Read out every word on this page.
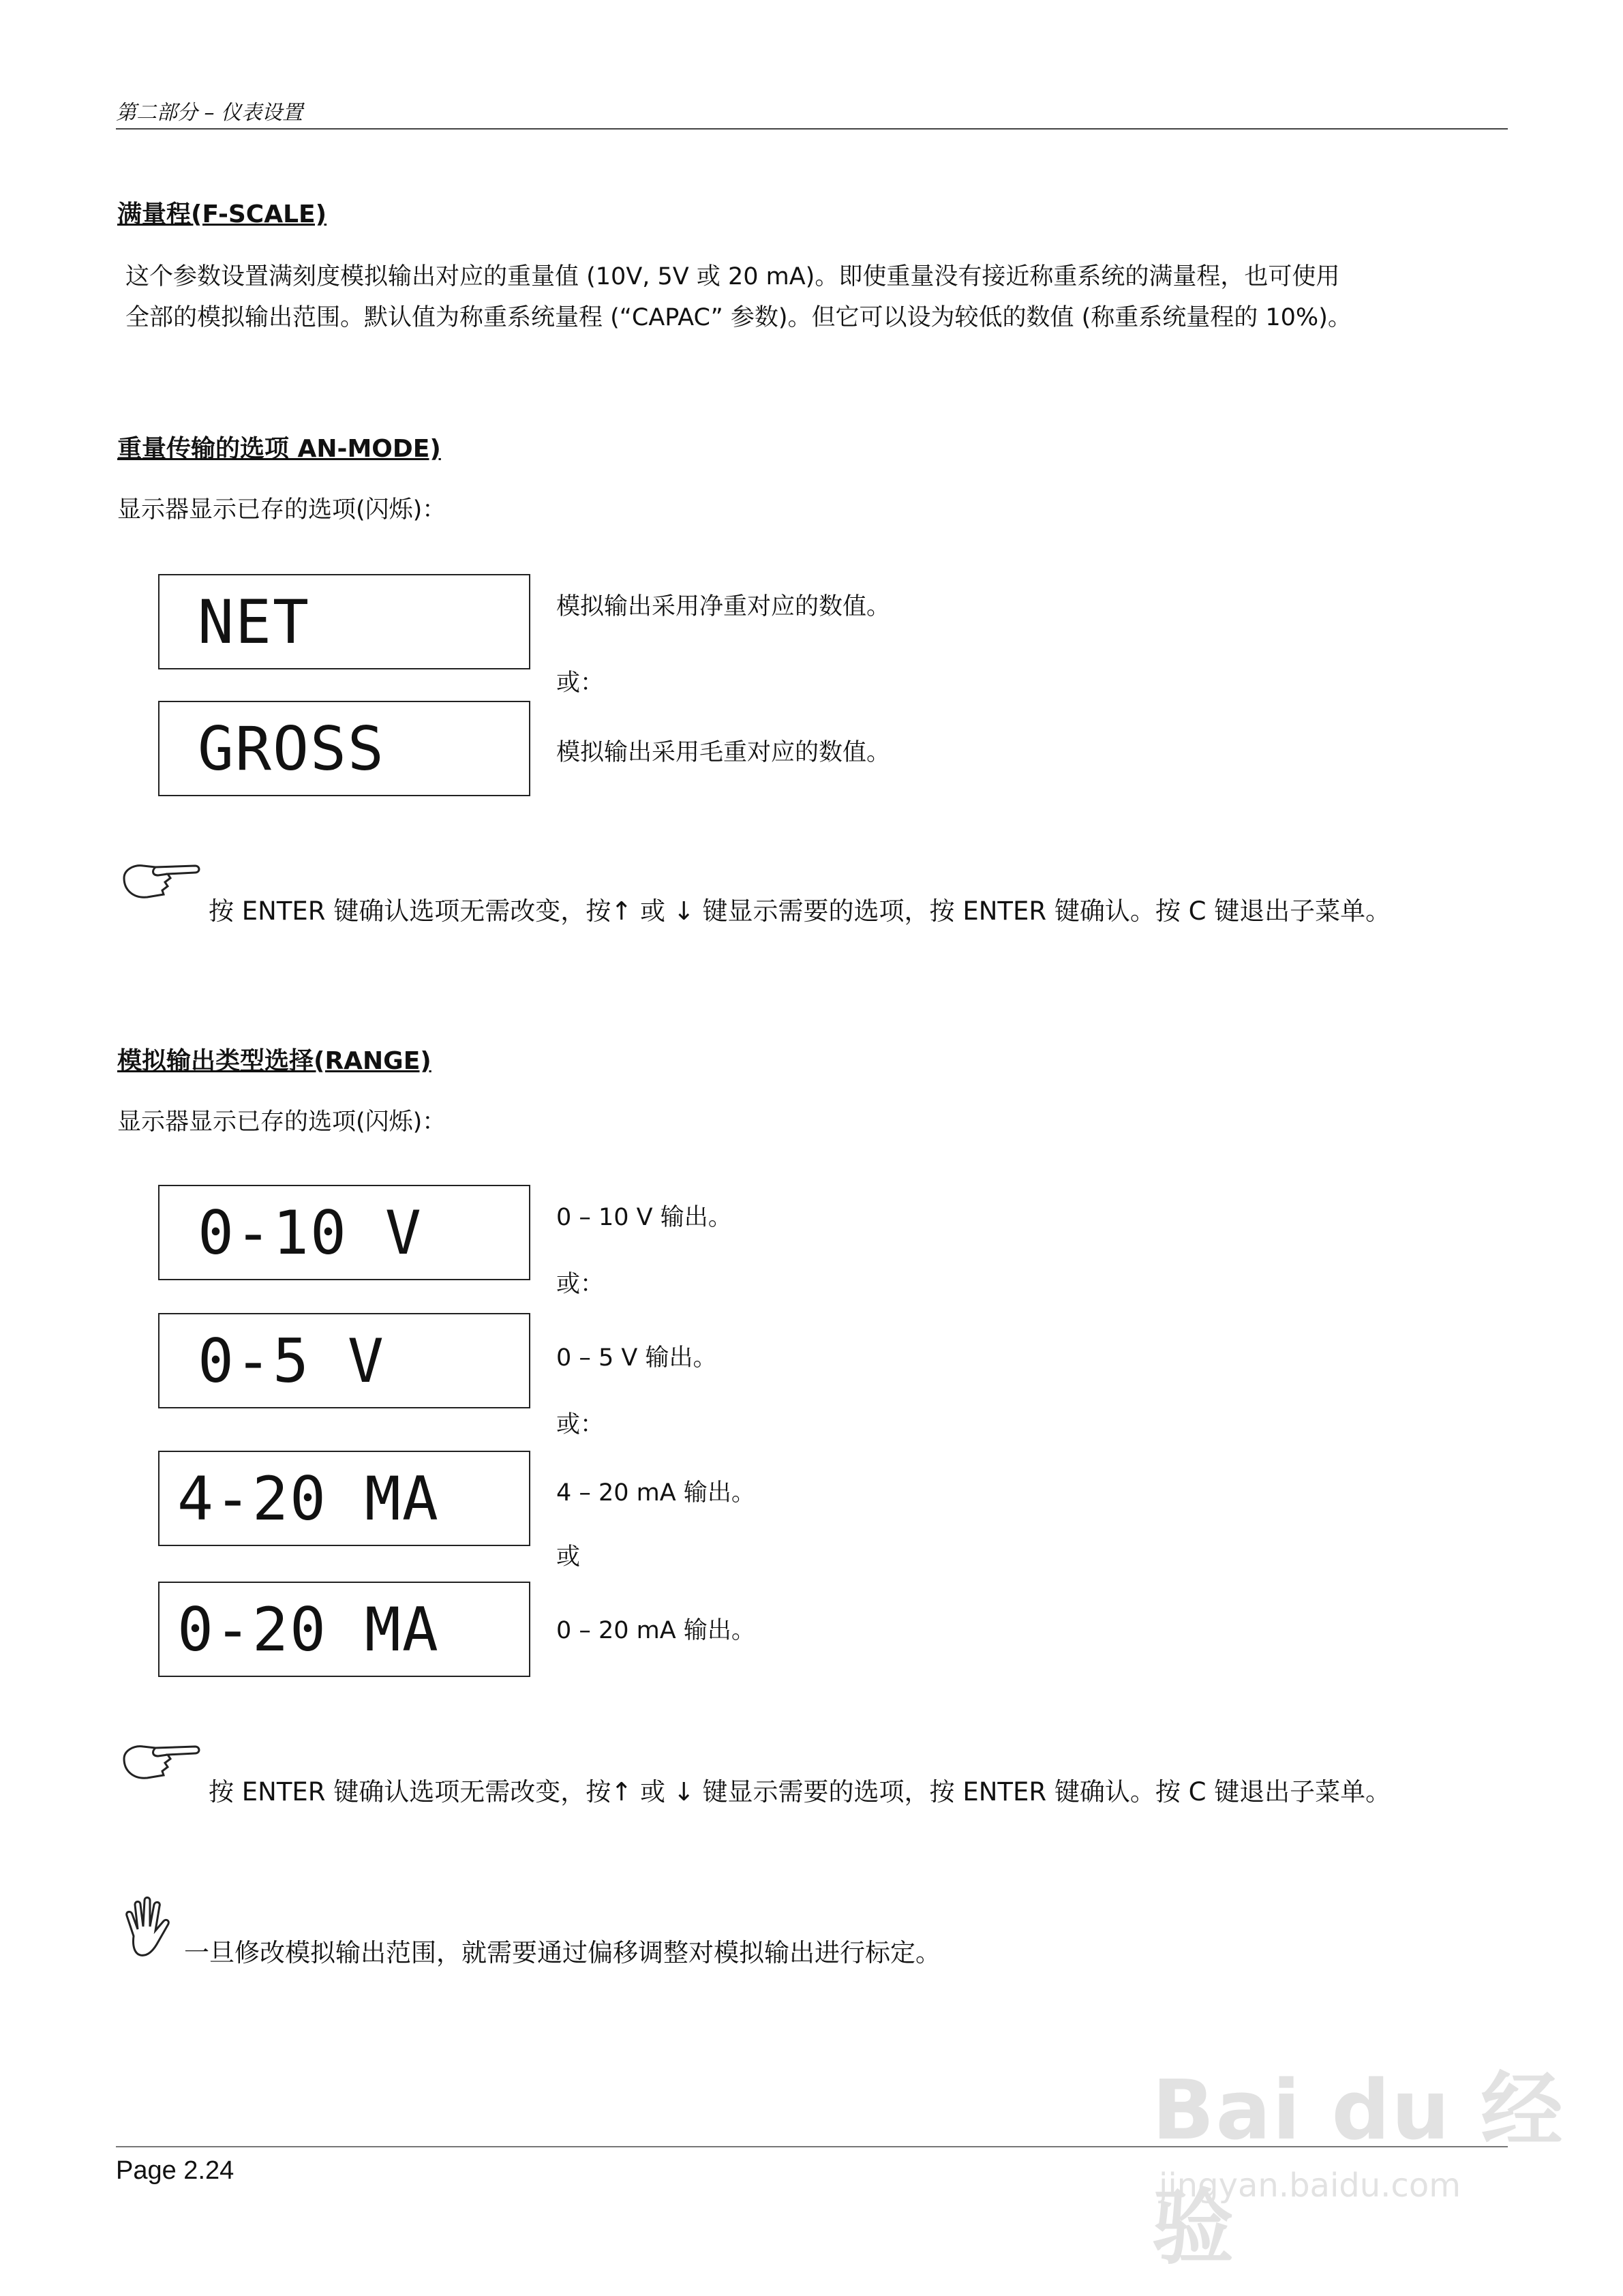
第二部分 – 仪表设置
满量程(F-SCALE)
这个参数设置满刻度模拟输出对应的重量值 (10V, 5V 或 20 mA)。即使重量没有接近称重系统的满量程，也可使用
全部的模拟输出范围。默认值为称重系统量程 (“CAPAC” 参数)。但它可以设为较低的数值 (称重系统量程的 10%)。
重量传输的选项 AN-MODE)
显示器显示已存的选项(闪烁)：
NET	模拟输出采用净重对应的数值。
或：
GROSS	模拟输出采用毛重对应的数值。
按 ENTER 键确认选项无需改变，按↑ 或 ↓ 键显示需要的选项，按 ENTER 键确认。按 C 键退出子菜单。
模拟输出类型选择(RANGE)
显示器显示已存的选项(闪烁)：
0-10 V	0 – 10 V 输出。
或：
0-5 V	0 – 5 V 输出。
或：
4-20 MA	4 – 20 mA 输出。
或
0-20 MA	0 – 20 mA 输出。
按 ENTER 键确认选项无需改变，按↑ 或 ↓ 键显示需要的选项，按 ENTER 键确认。按 C 键退出子菜单。
一旦修改模拟输出范围，就需要通过偏移调整对模拟输出进行标定。
Page 2.24
Bai du 经验
jingyan.baidu.com
